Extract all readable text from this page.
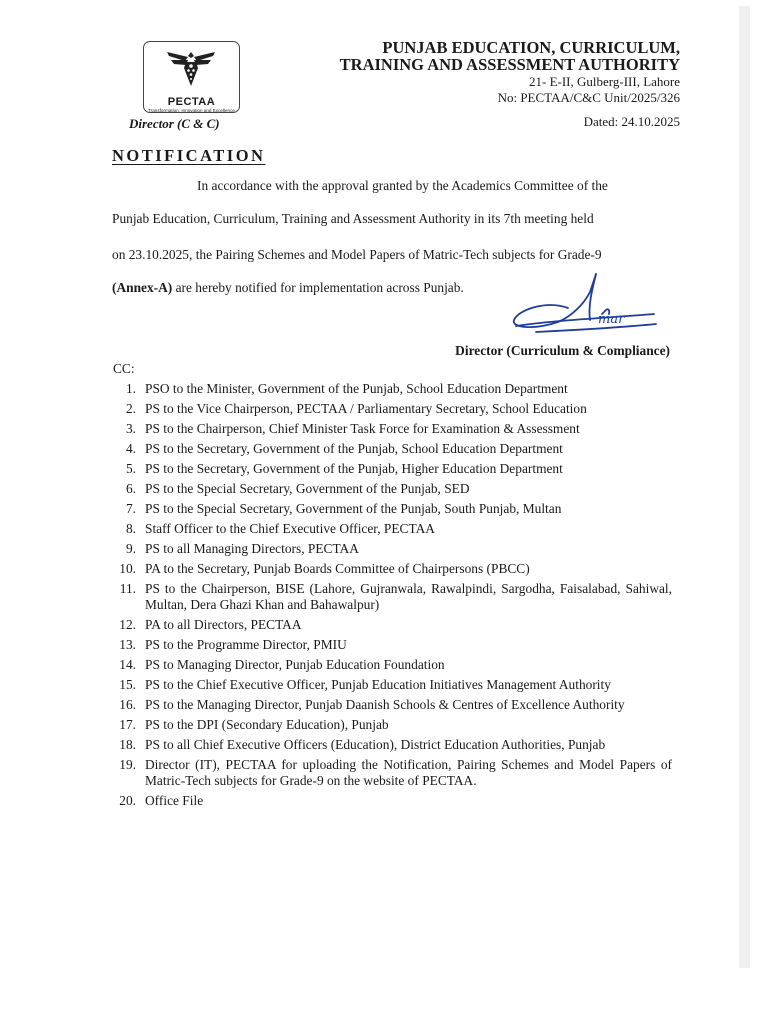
PECTAA
Transformation, Innovation and Excellence
Director (C & C)
PUNJAB EDUCATION, CURRICULUM,
TRAINING AND ASSESSMENT AUTHORITY
21- E-II, Gulberg-III, Lahore
No: PECTAA/C&C Unit/2025/326
Dated: 24.10.2025
NOTIFICATION
In accordance with the approval granted by the Academics Committee of the
Punjab Education, Curriculum, Training and Assessment Authority in its 7th meeting held
on 23.10.2025, the Pairing Schemes and Model Papers of Matric-Tech subjects for Grade-9
(Annex-A) are hereby notified for implementation across Punjab.
mar
Director (Curriculum & Compliance)
CC:
1. PSO to the Minister, Government of the Punjab, School Education Department
2. PS to the Vice Chairperson, PECTAA / Parliamentary Secretary, School Education
3. PS to the Chairperson, Chief Minister Task Force for Examination & Assessment
4. PS to the Secretary, Government of the Punjab, School Education Department
5. PS to the Secretary, Government of the Punjab, Higher Education Department
6. PS to the Special Secretary, Government of the Punjab, SED
7. PS to the Special Secretary, Government of the Punjab, South Punjab, Multan
8. Staff Officer to the Chief Executive Officer, PECTAA
9. PS to all Managing Directors, PECTAA
10. PA to the Secretary, Punjab Boards Committee of Chairpersons (PBCC)
11. PS to the Chairperson, BISE (Lahore, Gujranwala, Rawalpindi, Sargodha, Faisalabad, Sahiwal, Multan, Dera Ghazi Khan and Bahawalpur)
12. PA to all Directors, PECTAA
13. PS to the Programme Director, PMIU
14. PS to Managing Director, Punjab Education Foundation
15. PS to the Chief Executive Officer, Punjab Education Initiatives Management Authority
16. PS to the Managing Director, Punjab Daanish Schools & Centres of Excellence Authority
17. PS to the DPI (Secondary Education), Punjab
18. PS to all Chief Executive Officers (Education), District Education Authorities, Punjab
19. Director (IT), PECTAA for uploading the Notification, Pairing Schemes and Model Papers of Matric-Tech subjects for Grade-9 on the website of PECTAA.
20. Office File
